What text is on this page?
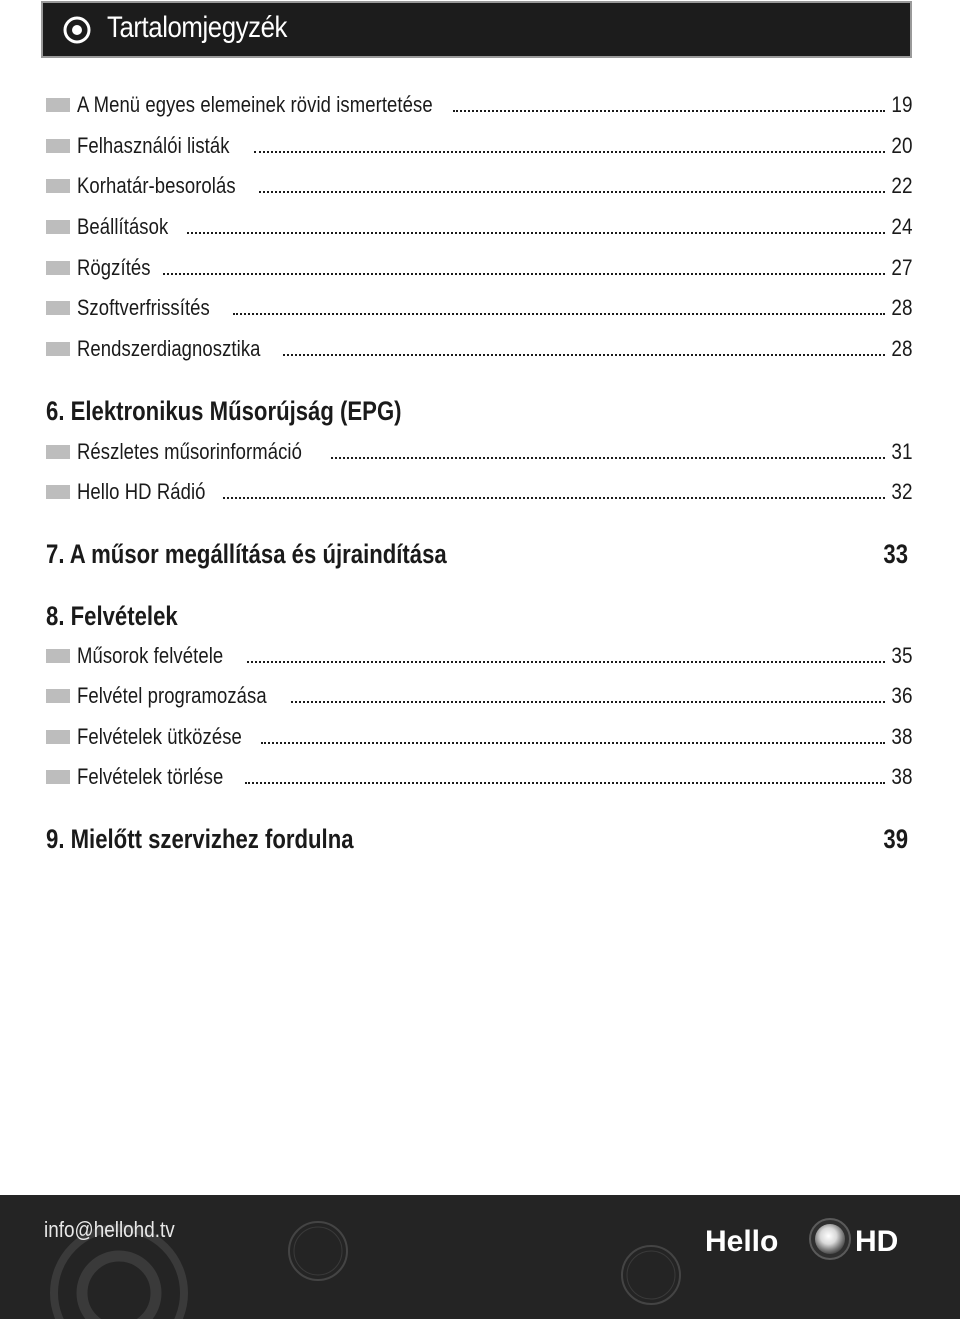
Tartalomjegyzék
A Menü egyes elemeinek rövid ismertetése	19
Felhasználói listák	20
Korhatár-besorolás	22
Beállítások	24
Rögzítés	27
Szoftverfrissítés	28
Rendszerdiagnosztika	28
6. Elektronikus Műsorújság (EPG)
Részletes műsorinformáció	31
Hello HD Rádió	32
7. A műsor megállítása és újraindítása	33
8. Felvételek
Műsorok felvétele	35
Felvétel programozása	36
Felvételek ütközése	38
Felvételek törlése	38
9. Mielőtt szervizhez fordulna	39
info@hellohd.tv	Hello	HD
